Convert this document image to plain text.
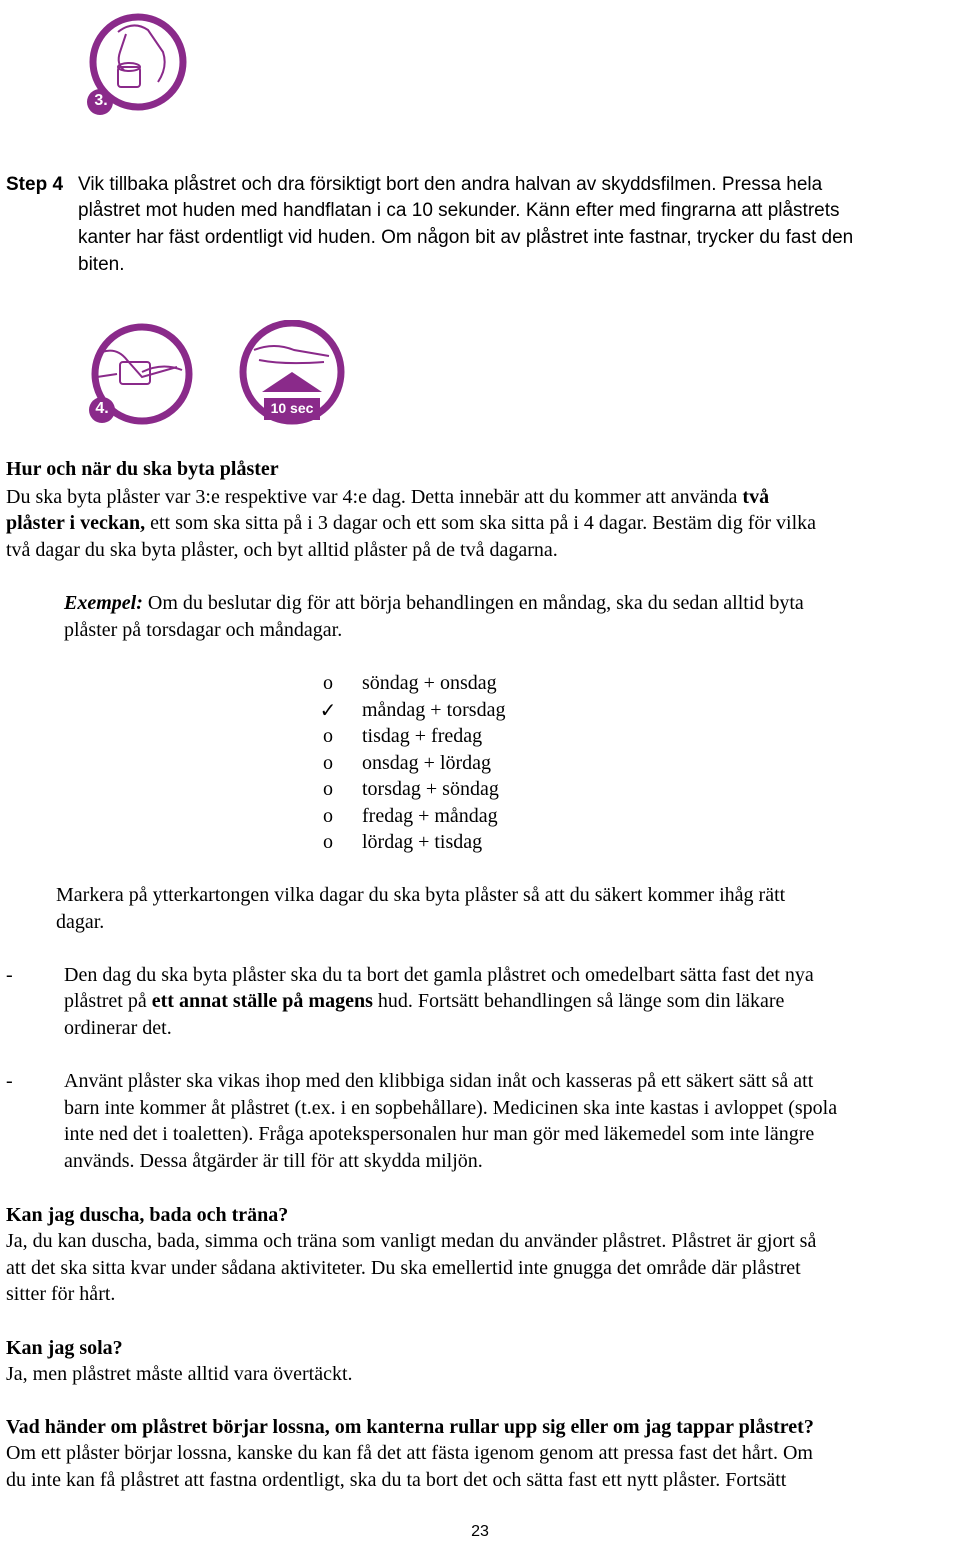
3.
Step 4 Vik tillbaka plåstret och dra försiktigt bort den andra halvan av skyddsfilmen. Pressa hela
plåstret mot huden med handflatan i ca 10 sekunder. Känn efter med fingrarna att plåstrets
kanter har fäst ordentligt vid huden. Om någon bit av plåstret inte fastnar, trycker du fast den
biten.
4.	10 sec
Hur och när du ska byta plåster
Du ska byta plåster var 3:e respektive var 4:e dag. Detta innebär att du kommer att använda två
plåster i veckan, ett som ska sitta på i 3 dagar och ett som ska sitta på i 4 dagar. Bestäm dig för vilka
två dagar du ska byta plåster, och byt alltid plåster på de två dagarna.
Exempel: Om du beslutar dig för att börja behandlingen en måndag, ska du sedan alltid byta
plåster på torsdagar och måndagar.
o söndag + onsdag
✓ måndag + torsdag
o tisdag + fredag
o onsdag + lördag
o torsdag + söndag
o fredag + måndag
o lördag + tisdag
Markera på ytterkartongen vilka dagar du ska byta plåster så att du säkert kommer ihåg rätt
dagar.
-	Den dag du ska byta plåster ska du ta bort det gamla plåstret och omedelbart sätta fast det nya
plåstret på ett annat ställe på magens hud. Fortsätt behandlingen så länge som din läkare
ordinerar det.
-	Använt plåster ska vikas ihop med den klibbiga sidan inåt och kasseras på ett säkert sätt så att
barn inte kommer åt plåstret (t.ex. i en sopbehållare). Medicinen ska inte kastas i avloppet (spola
inte ned det i toaletten). Fråga apotekspersonalen hur man gör med läkemedel som inte längre
används. Dessa åtgärder är till för att skydda miljön.
Kan jag duscha, bada och träna?
Ja, du kan duscha, bada, simma och träna som vanligt medan du använder plåstret. Plåstret är gjort så
att det ska sitta kvar under sådana aktiviteter. Du ska emellertid inte gnugga det område där plåstret
sitter för hårt.
Kan jag sola?
Ja, men plåstret måste alltid vara övertäckt.
Vad händer om plåstret börjar lossna, om kanterna rullar upp sig eller om jag tappar plåstret?
Om ett plåster börjar lossna, kanske du kan få det att fästa igenom genom att pressa fast det hårt. Om
du inte kan få plåstret att fastna ordentligt, ska du ta bort det och sätta fast ett nytt plåster. Fortsätt
23
